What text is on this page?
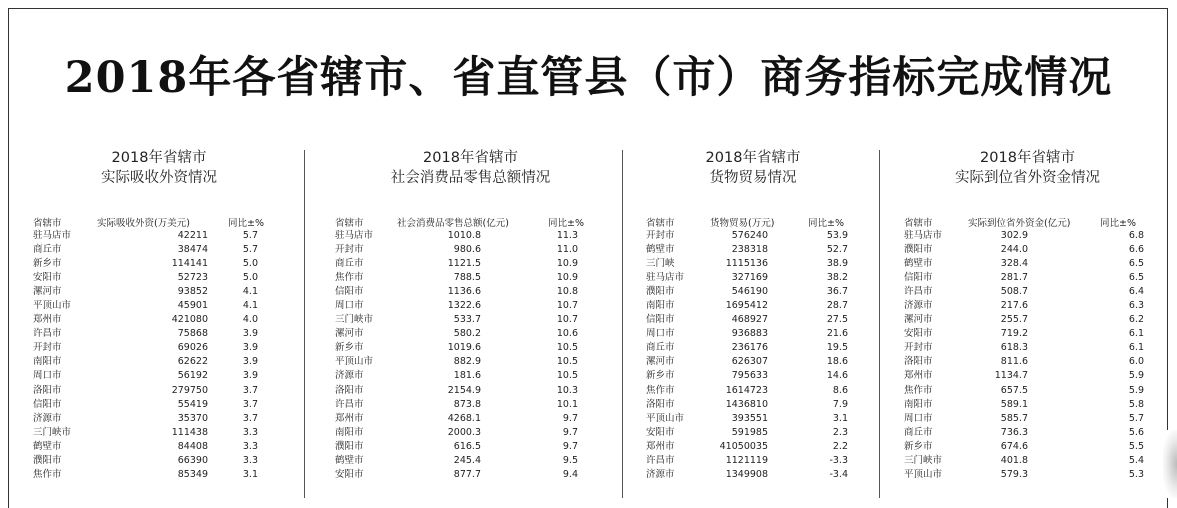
2018年各省辖市、省直管县（市）商务指标完成情况
2018年省辖市
实际吸收外资情况
省辖市	实际吸收外资(万美元)	同比±%
驻马店市	42211	5.7
商丘市	38474	5.7
新乡市	114141	5.0
安阳市	52723	5.0
漯河市	93852	4.1
平顶山市	45901	4.1
郑州市	421080	4.0
许昌市	75868	3.9
开封市	69026	3.9
南阳市	62622	3.9
周口市	56192	3.9
洛阳市	279750	3.7
信阳市	55419	3.7
济源市	35370	3.7
三门峡市	111438	3.3
鹤壁市	84408	3.3
濮阳市	66390	3.3
焦作市	85349	3.1
2018年省辖市
社会消费品零售总额情况
省辖市	社会消费品零售总额(亿元)	同比±%
驻马店市	1010.8	11.3
开封市	980.6	11.0
商丘市	1121.5	10.9
焦作市	788.5	10.9
信阳市	1136.6	10.8
周口市	1322.6	10.7
三门峡市	533.7	10.7
漯河市	580.2	10.6
新乡市	1019.6	10.5
平顶山市	882.9	10.5
济源市	181.6	10.5
洛阳市	2154.9	10.3
许昌市	873.8	10.1
郑州市	4268.1	9.7
南阳市	2000.3	9.7
濮阳市	616.5	9.7
鹤壁市	245.4	9.5
安阳市	877.7	9.4
2018年省辖市
货物贸易情况
省辖市	货物贸易(万元)	同比±%
开封市	576240	53.9
鹤壁市	238318	52.7
三门峡	1115136	38.9
驻马店市	327169	38.2
濮阳市	546190	36.7
南阳市	1695412	28.7
信阳市	468927	27.5
周口市	936883	21.6
商丘市	236176	19.5
漯河市	626307	18.6
新乡市	795633	14.6
焦作市	1614723	8.6
洛阳市	1436810	7.9
平顶山市	393551	3.1
安阳市	591985	2.3
郑州市	41050035	2.2
许昌市	1121119	-3.3
济源市	1349908	-3.4
2018年省辖市
实际到位省外资金情况
省辖市	实际到位省外资金(亿元)	同比±%
驻马店市	302.9	6.8
濮阳市	244.0	6.6
鹤壁市	328.4	6.5
信阳市	281.7	6.5
许昌市	508.7	6.4
济源市	217.6	6.3
漯河市	255.7	6.2
安阳市	719.2	6.1
开封市	618.3	6.1
洛阳市	811.6	6.0
郑州市	1134.7	5.9
焦作市	657.5	5.9
南阳市	589.1	5.8
周口市	585.7	5.7
商丘市	736.3	5.6
新乡市	674.6	5.5
三门峡市	401.8	5.4
平顶山市	579.3	5.3
